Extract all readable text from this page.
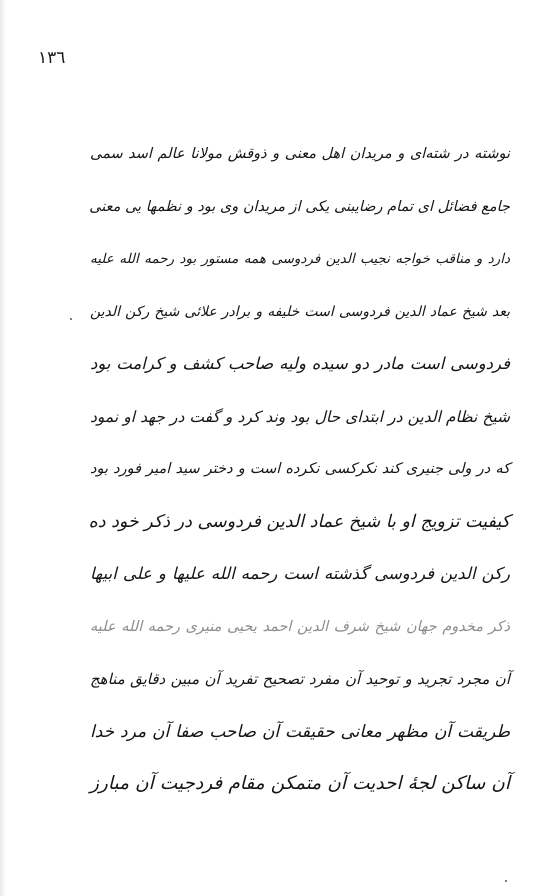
١٣٦
نوشته در شته‌ای و مریدان اهل معنی و ذوقش مولانا عالم اسد سمی
جامع فضائل ای تمام رضایبنی یکی از مریدان وی بود و نظمها یی معنی
دارد و مناقب خواجه نجیب الدین فردوسی همه مستور بود رحمه الله علیه
بعد شیخ عماد الدین فردوسی است خلیفه و برادر علائی شیخ رکن الدین
فردوسی است مادر دو سیده ولیه صاحب کشف و کرامت بود
شیخ نظام الدین در ابتدای حال بود وند کرد و گفت در جهد او نمود
که در ولی جنیری کند نکرکسی نکرده است و دختر سید امیر فورد بود
کیفیت تزویج او با شیخ عماد الدین فردوسی در ذکر خود ده
رکن الدین فردوسی گذشته است رحمه الله علیها و علی ابیها
ذکر مخدوم جهان شیخ شرف الدین احمد یحیی منیری رحمه الله علیه
آن مجرد تجرید و توحید آن مفرد تصحیح تفرید آن مبین دقایق مناهج
طریقت آن مظهر معانی حقیقت آن صاحب صفا آن مرد خدا
آن ساکن لجهٔ احدیت آن متمکن مقام فردجیت آن مبارز
